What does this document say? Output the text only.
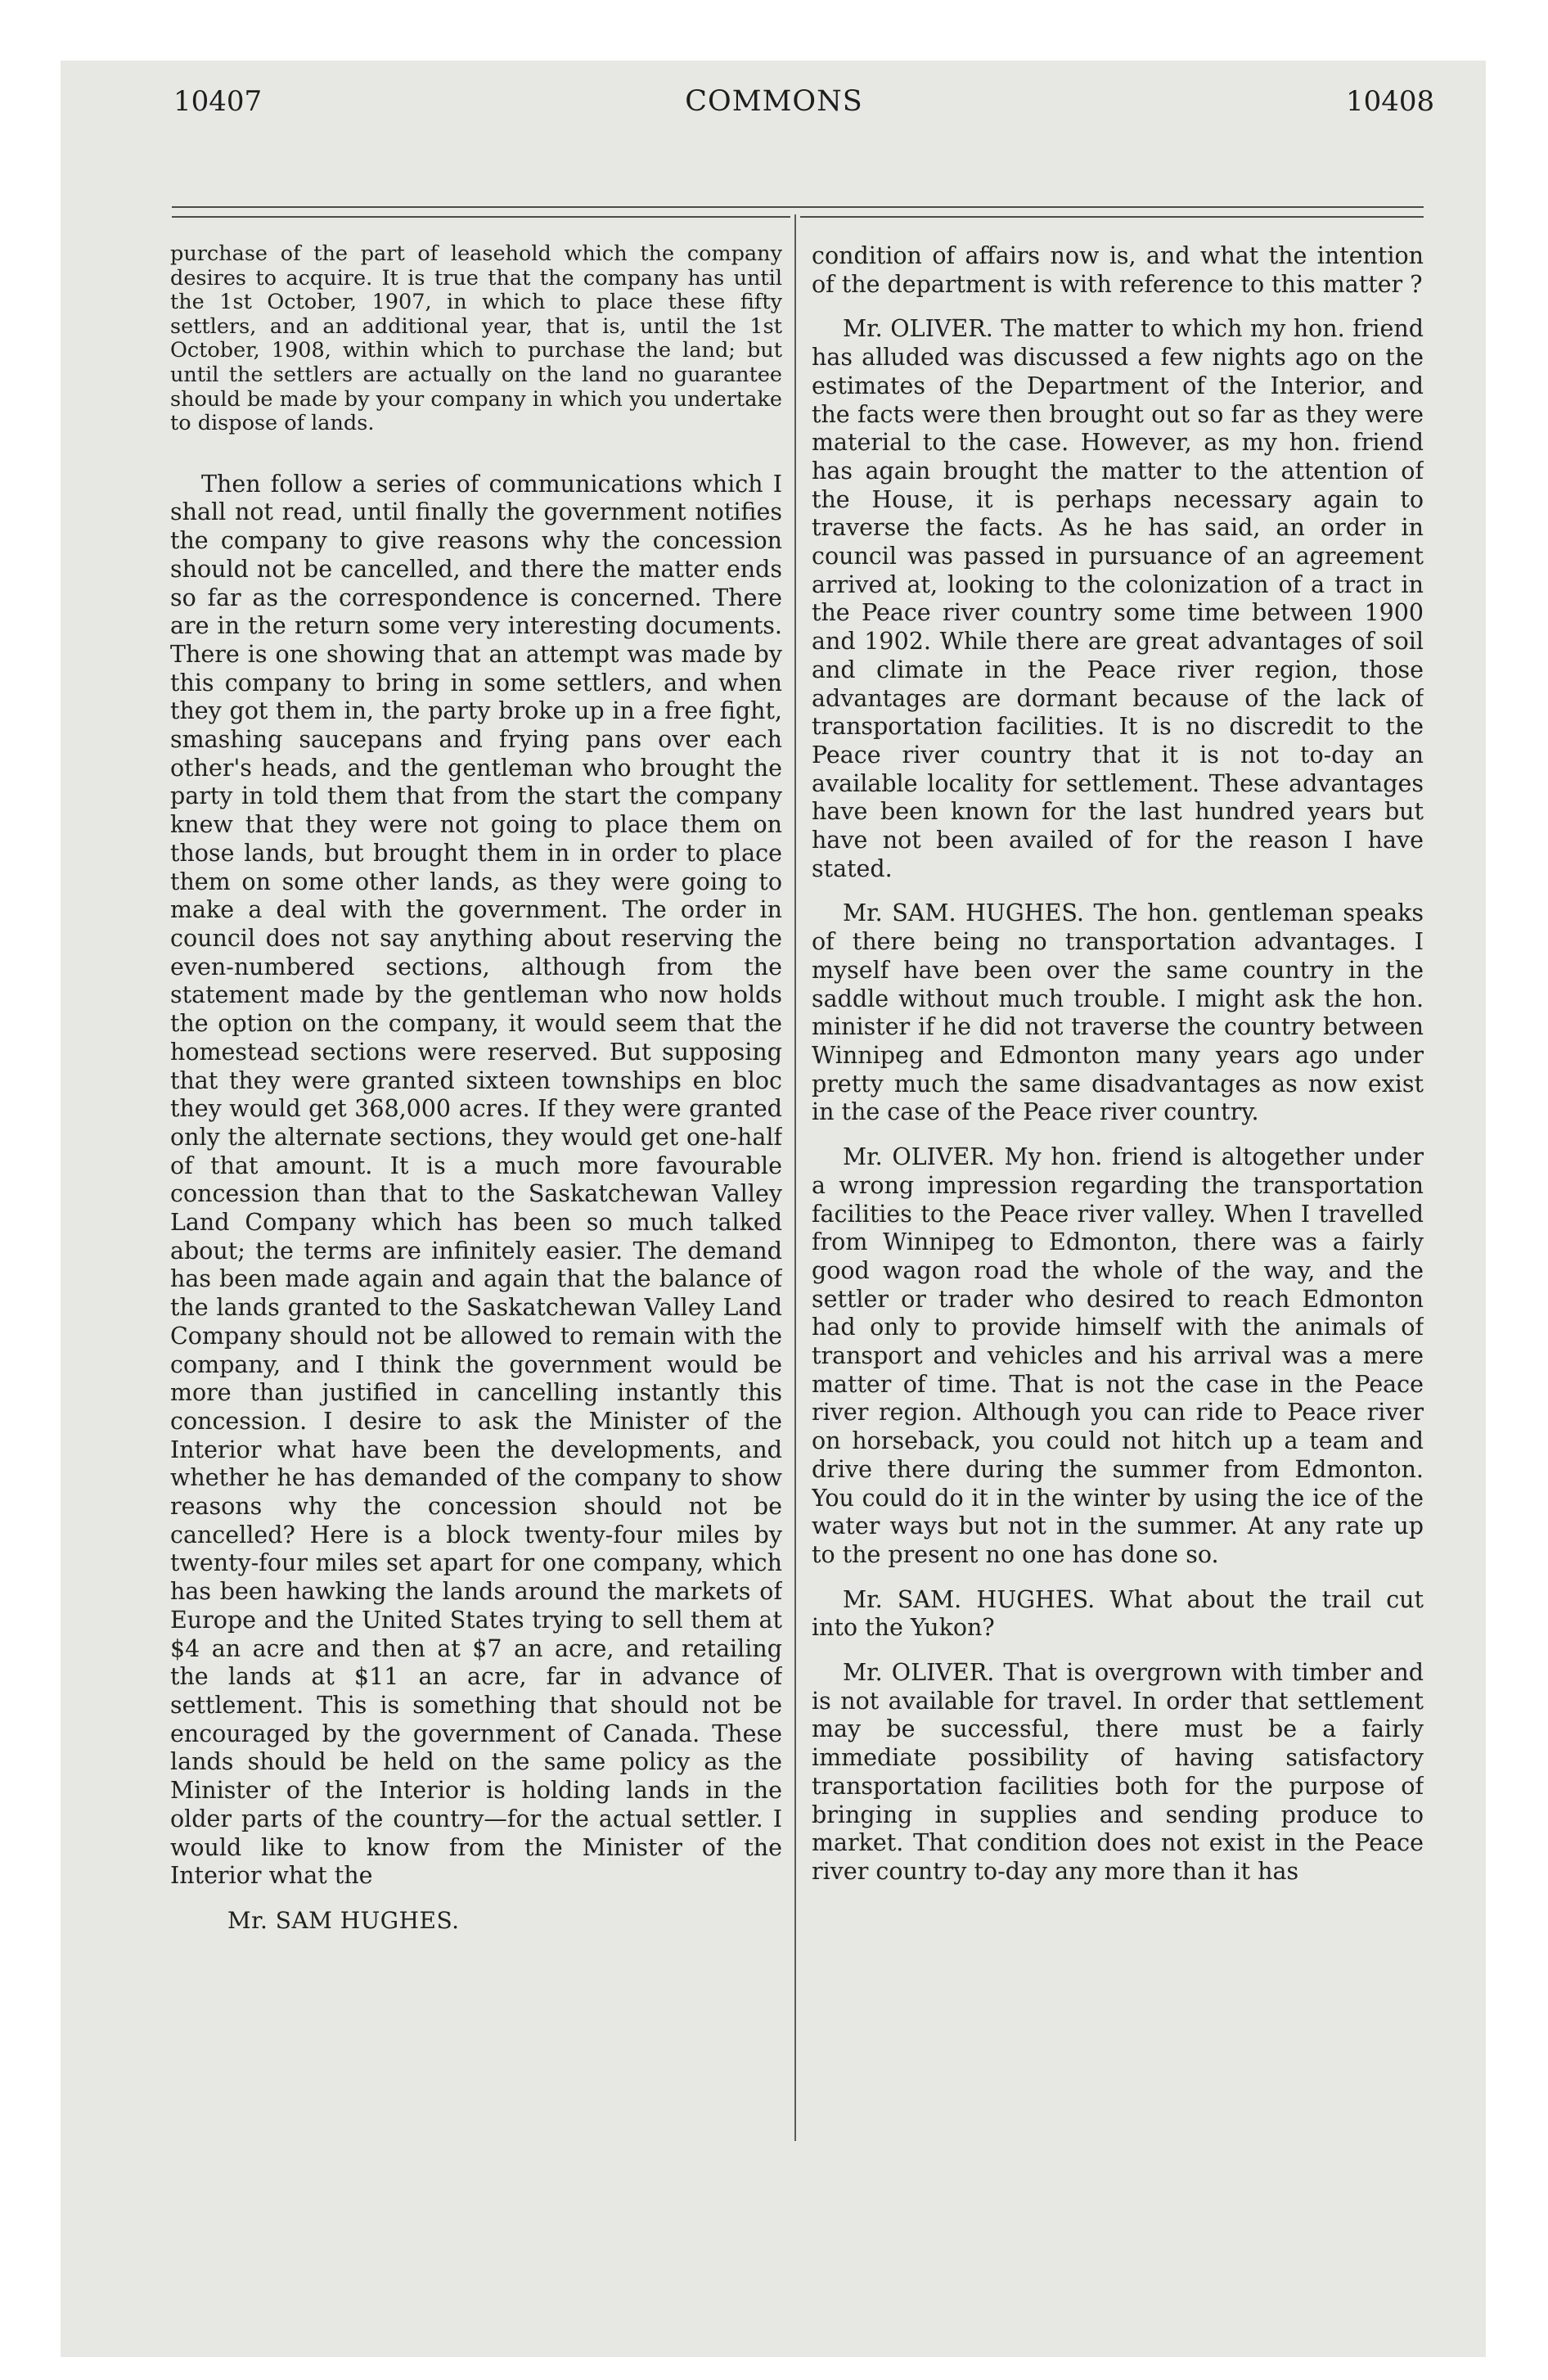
10407	COMMONS	10408

purchase of the part of leasehold which the company desires to acquire. It is true that the company has until the 1st October, 1907, in which to place these fifty settlers, and an additional year, that is, until the 1st October, 1908, within which to purchase the land; but until the settlers are actually on the land no guarantee should be made by your company in which you undertake to dispose of lands.

Then follow a series of communications which I shall not read, until finally the government notifies the company to give reasons why the concession should not be cancelled, and there the matter ends so far as the correspondence is concerned. There are in the return some very interesting documents. There is one showing that an attempt was made by this company to bring in some settlers, and when they got them in, the party broke up in a free fight, smashing saucepans and frying pans over each other's heads, and the gentleman who brought the party in told them that from the start the company knew that they were not going to place them on those lands, but brought them in in order to place them on some other lands, as they were going to make a deal with the government. The order in council does not say anything about reserving the even-numbered sections, although from the statement made by the gentleman who now holds the option on the company, it would seem that the homestead sections were reserved. But supposing that they were granted sixteen townships en bloc they would get 368,000 acres. If they were granted only the alternate sections, they would get one-half of that amount. It is a much more favourable concession than that to the Saskatchewan Valley Land Company which has been so much talked about; the terms are infinitely easier. The demand has been made again and again that the balance of the lands granted to the Saskatchewan Valley Land Company should not be allowed to remain with the company, and I think the government would be more than justified in cancelling instantly this concession. I desire to ask the Minister of the Interior what have been the developments, and whether he has demanded of the company to show reasons why the concession should not be cancelled? Here is a block twenty-four miles by twenty-four miles set apart for one company, which has been hawking the lands around the markets of Europe and the United States trying to sell them at $4 an acre and then at $7 an acre, and retailing the lands at $11 an acre, far in advance of settlement. This is something that should not be encouraged by the government of Canada. These lands should be held on the same policy as the Minister of the Interior is holding lands in the older parts of the country—for the actual settler. I would like to know from the Minister of the Interior what the

Mr. SAM HUGHES.

condition of affairs now is, and what the intention of the department is with reference to this matter ?

Mr. OLIVER. The matter to which my hon. friend has alluded was discussed a few nights ago on the estimates of the Department of the Interior, and the facts were then brought out so far as they were material to the case. However, as my hon. friend has again brought the matter to the attention of the House, it is perhaps necessary again to traverse the facts. As he has said, an order in council was passed in pursuance of an agreement arrived at, looking to the colonization of a tract in the Peace river country some time between 1900 and 1902. While there are great advantages of soil and climate in the Peace river region, those advantages are dormant because of the lack of transportation facilities. It is no discredit to the Peace river country that it is not to-day an available locality for settlement. These advantages have been known for the last hundred years but have not been availed of for the reason I have stated.

Mr. SAM. HUGHES. The hon. gentleman speaks of there being no transportation advantages. I myself have been over the same country in the saddle without much trouble. I might ask the hon. minister if he did not traverse the country between Winnipeg and Edmonton many years ago under pretty much the same disadvantages as now exist in the case of the Peace river country.

Mr. OLIVER. My hon. friend is altogether under a wrong impression regarding the transportation facilities to the Peace river valley. When I travelled from Winnipeg to Edmonton, there was a fairly good wagon road the whole of the way, and the settler or trader who desired to reach Edmonton had only to provide himself with the animals of transport and vehicles and his arrival was a mere matter of time. That is not the case in the Peace river region. Although you can ride to Peace river on horseback, you could not hitch up a team and drive there during the summer from Edmonton. You could do it in the winter by using the ice of the water ways but not in the summer. At any rate up to the present no one has done so.

Mr. SAM. HUGHES. What about the trail cut into the Yukon?

Mr. OLIVER. That is overgrown with timber and is not available for travel. In order that settlement may be successful, there must be a fairly immediate possibility of having satisfactory transportation facilities both for the purpose of bringing in supplies and sending produce to market. That condition does not exist in the Peace river country to-day any more than it has
